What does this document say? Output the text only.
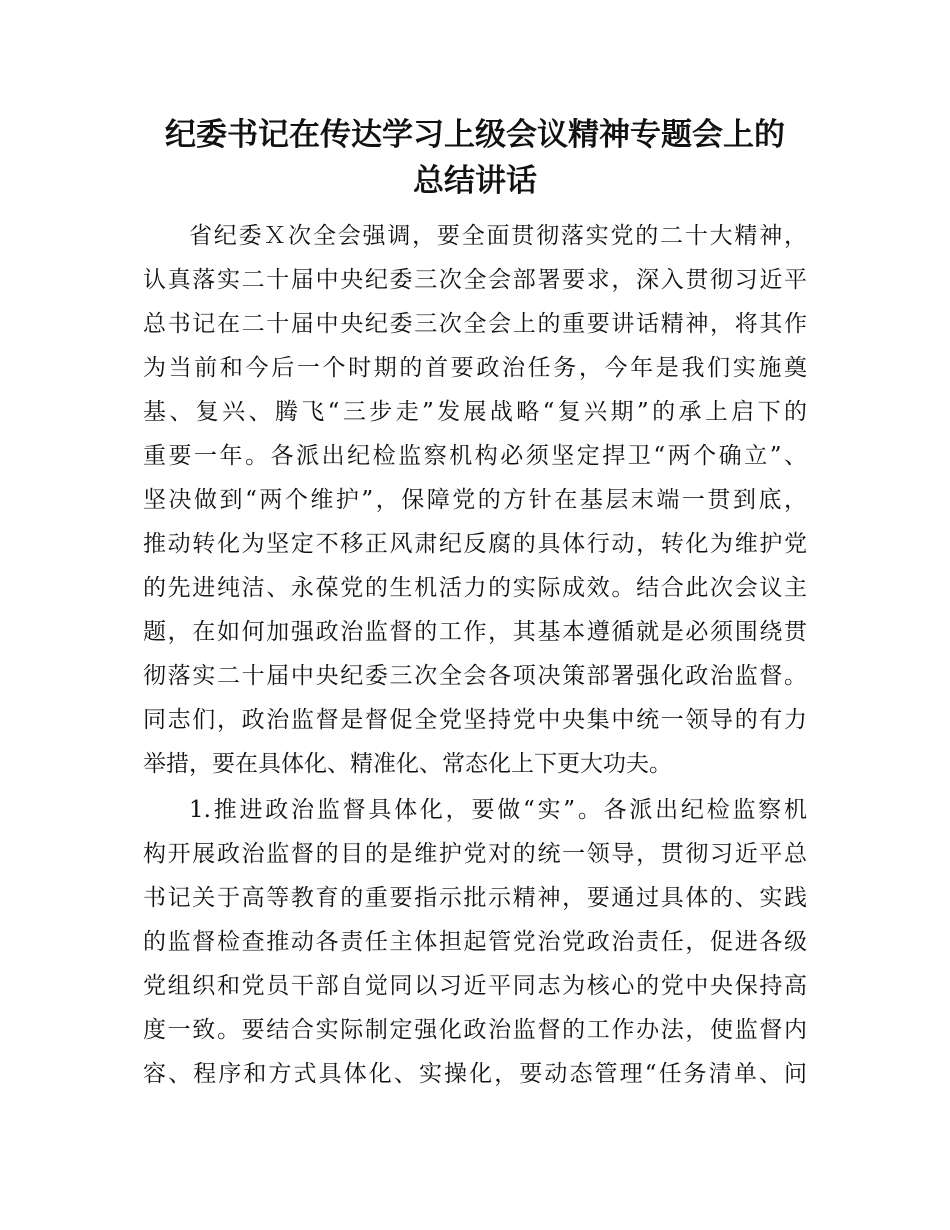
纪委书记在传达学习上级会议精神专题会上的
总结讲话
省纪委Ｘ次全会强调，要全面贯彻落实党的二十大精神，
认真落实二十届中央纪委三次全会部署要求，深入贯彻习近平
总书记在二十届中央纪委三次全会上的重要讲话精神，将其作
为当前和今后一个时期的首要政治任务，今年是我们实施奠
基、复兴、腾飞“三步走”发展战略“复兴期”的承上启下的
重要一年。各派出纪检监察机构必须坚定捍卫“两个确立”、
坚决做到“两个维护”，保障党的方针在基层末端一贯到底，
推动转化为坚定不移正风肃纪反腐的具体行动，转化为维护党
的先进纯洁、永葆党的生机活力的实际成效。结合此次会议主
题，在如何加强政治监督的工作，其基本遵循就是必须围绕贯
彻落实二十届中央纪委三次全会各项决策部署强化政治监督。
同志们，政治监督是督促全党坚持党中央集中统一领导的有力
举措，要在具体化、精准化、常态化上下更大功夫。
1.推进政治监督具体化，要做“实”。各派出纪检监察机
构开展政治监督的目的是维护党对的统一领导，贯彻习近平总
书记关于高等教育的重要指示批示精神，要通过具体的、实践
的监督检查推动各责任主体担起管党治党政治责任，促进各级
党组织和党员干部自觉同以习近平同志为核心的党中央保持高
度一致。要结合实际制定强化政治监督的工作办法，使监督内
容、程序和方式具体化、实操化，要动态管理“任务清单、问
